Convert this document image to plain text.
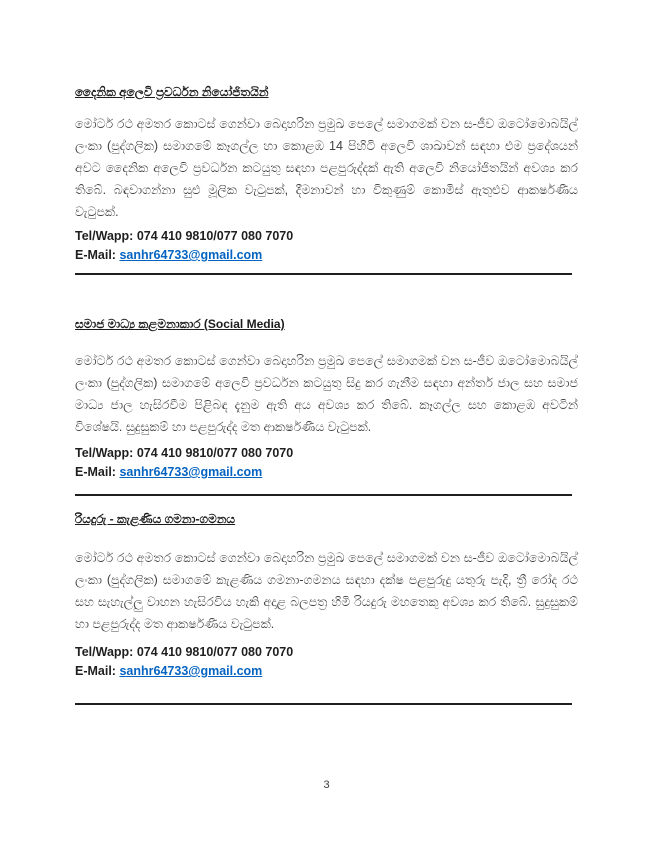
දෛනික අලෙවි ප්‍රවර්ධන නියෝජිතයින්

මෝටර් රථ අමතර කොටස් ගෙන්වා බෙදාහරින ප්‍රමුඛ පෙලේ සමාගමක් වන ස-ජීව ඔටෝමොබයිල් ලංකා (පුද්ගලික) සමාගමේ කෑගල්ල හා කොළඹ 14 පිහිටි අලෙවි ශාඛාවන් සඳහා එම ප්‍රදේශයන් අවට දෛනික අලෙවි ප්‍රවර්ධන කටයුතු සඳහා පළපුරුද්දක් ඇති අලෙවි නියෝජිතයින් අවශ්‍ය කර තිබේ. බඳවාගන්නා සුළු මූලික වැටුපක්, දීමනාවන් හා විකුණුම් කොමිස් ඇතුළුව ආකර්ෂණීය වැටුපක්.

Tel/Wapp: 074 410 9810/077 080 7070
E-Mail: sanhr64733@gmail.com
සමාජ මාධ්‍ය කළමනාකාර (Social Media)

මෝටර් රථ අමතර කොටස් ගෙන්වා බෙදාහරින ප්‍රමුඛ පෙලේ සමාගමක් වන ස-ජීව ඔටෝමොබයිල් ලංකා (පුද්ගලික) සමාගමේ අලෙවි ප්‍රවර්ධන කටයුතු සිදු කර ගැනීම සඳහා අන්තර් ජාල සහ සමාජ මාධ්‍ය ජාල හැසිරවීම පිළිබඳ දැනුම ඇති අය අවශ්‍ය කර තිබේ. කෑගල්ල සහ කොළඹ අවටින් විශේෂයි. සුදුසුකම් හා පළපුරුද්ද මත ආකර්ෂණීය වැටුපක්.

Tel/Wapp: 074 410 9810/077 080 7070
E-Mail: sanhr64733@gmail.com
රියදුරු - කැළණිය ගමනා-ගමනය

මෝටර් රථ අමතර කොටස් ගෙන්වා බෙදාහරින ප්‍රමුඛ පෙලේ සමාගමක් වන ස-ජීව ඔටෝමොබයිල් ලංකා (පුද්ගලික) සමාගමේ කැළණිය ගමනා-ගමනය සඳහා දක්ෂ පළපුරුදු යතුරු පැදි, ත්‍රී රෝද රථ සහ සැහැල්ලු වාහන හැසිරවිය හැකි අදාළ බලපත්‍ර හිමි රියදුරු මහතෙකු අවශ්‍ය කර තිබේ. සුදුසුකම් හා පළපුරුද්ද මත ආකර්ෂණීය වැටුපක්.

Tel/Wapp: 074 410 9810/077 080 7070
E-Mail: sanhr64733@gmail.com
3
